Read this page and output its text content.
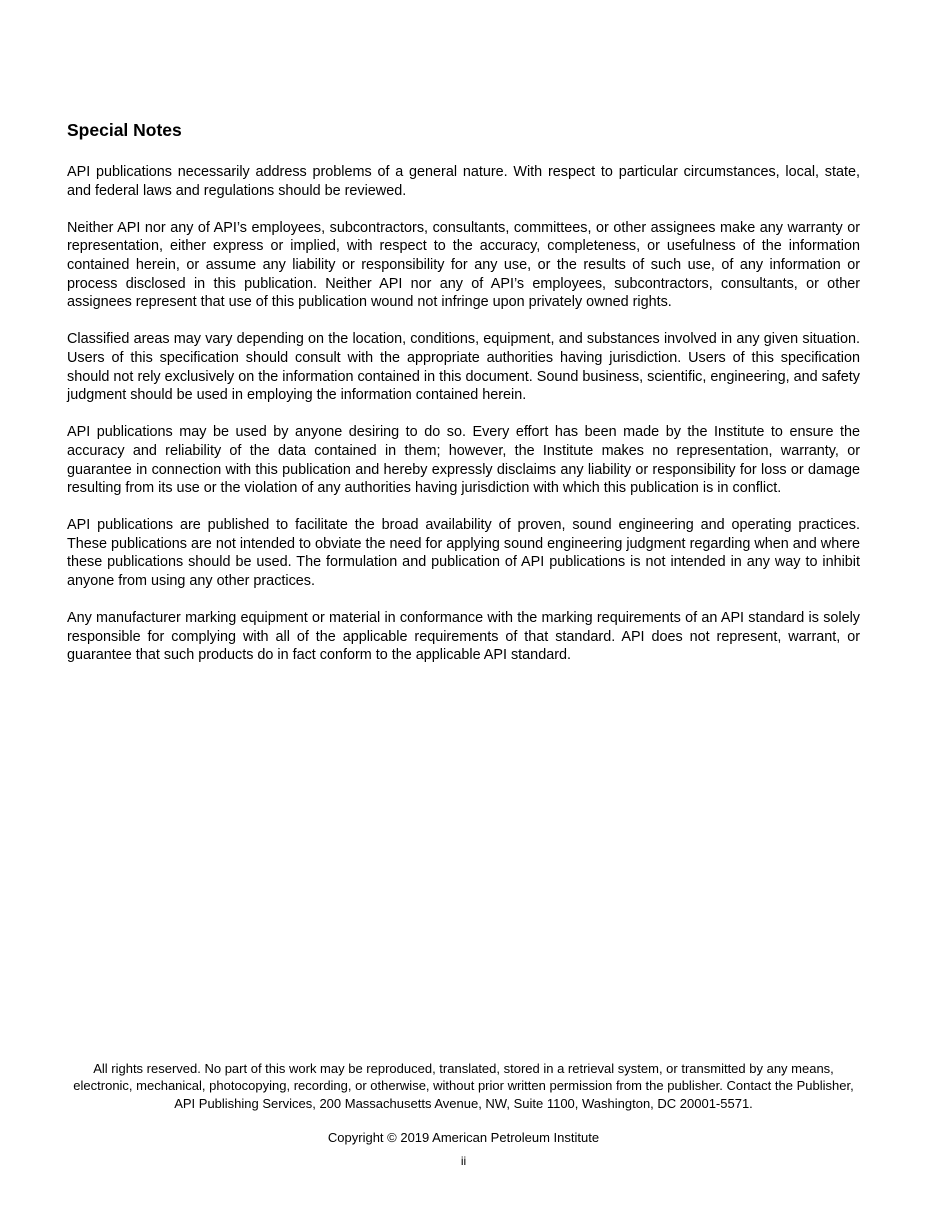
Special Notes

API publications necessarily address problems of a general nature. With respect to particular circumstances, local, state, and federal laws and regulations should be reviewed.

Neither API nor any of API’s employees, subcontractors, consultants, committees, or other assignees make any warranty or representation, either express or implied, with respect to the accuracy, completeness, or usefulness of the information contained herein, or assume any liability or responsibility for any use, or the results of such use, of any information or process disclosed in this publication. Neither API nor any of API’s employees, subcontractors, consultants, or other assignees represent that use of this publication wound not infringe upon privately owned rights.

Classified areas may vary depending on the location, conditions, equipment, and substances involved in any given situation. Users of this specification should consult with the appropriate authorities having jurisdiction. Users of this specification should not rely exclusively on the information contained in this document. Sound business, scientific, engineering, and safety judgment should be used in employing the information contained herein.

API publications may be used by anyone desiring to do so. Every effort has been made by the Institute to ensure the accuracy and reliability of the data contained in them; however, the Institute makes no representation, warranty, or guarantee in connection with this publication and hereby expressly disclaims any liability or responsibility for loss or damage resulting from its use or the violation of any authorities having jurisdiction with which this publication is in conflict.

API publications are published to facilitate the broad availability of proven, sound engineering and operating practices. These publications are not intended to obviate the need for applying sound engineering judgment regarding when and where these publications should be used. The formulation and publication of API publications is not intended in any way to inhibit anyone from using any other practices.

Any manufacturer marking equipment or material in conformance with the marking requirements of an API standard is solely responsible for complying with all of the applicable requirements of that standard. API does not represent, warrant, or guarantee that such products do in fact conform to the applicable API standard.

All rights reserved. No part of this work may be reproduced, translated, stored in a retrieval system, or transmitted by any means, electronic, mechanical, photocopying, recording, or otherwise, without prior written permission from the publisher. Contact the Publisher, API Publishing Services, 200 Massachusetts Avenue, NW, Suite 1100, Washington, DC 20001-5571.
Copyright © 2019 American Petroleum Institute
ii
